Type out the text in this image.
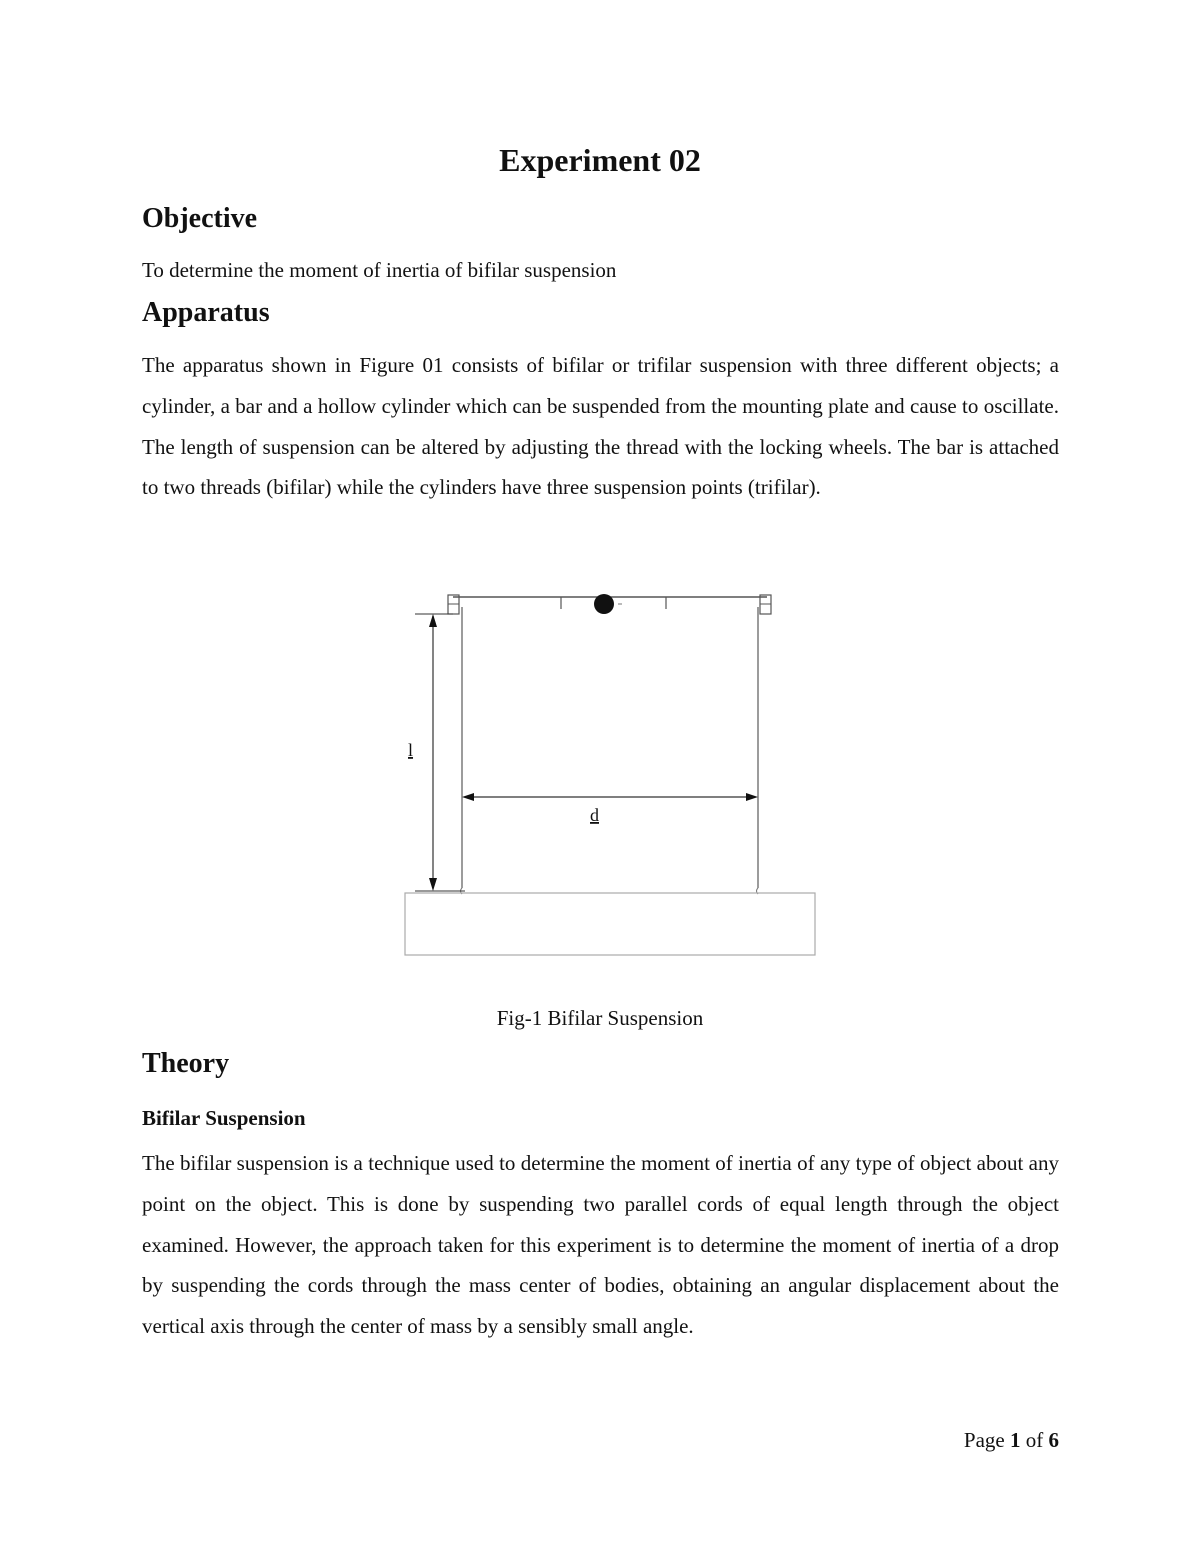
Experiment 02
Objective

To determine the moment of inertia of bifilar suspension

Apparatus

The apparatus shown in Figure 01 consists of bifilar or trifilar suspension with three different objects; a cylinder, a bar and a hollow cylinder which can be suspended from the mounting plate and cause to oscillate. The length of suspension can be altered by adjusting the thread with the locking wheels. The bar is attached to two threads (bifilar) while the cylinders have three suspension points (trifilar).

l
d

Fig-1 Bifilar Suspension

Theory
Bifilar Suspension

The bifilar suspension is a technique used to determine the moment of inertia of any type of object about any point on the object. This is done by suspending two parallel cords of equal length through the object examined. However, the approach taken for this experiment is to determine the moment of inertia of a drop by suspending the cords through the mass center of bodies, obtaining an angular displacement about the vertical axis through the center of mass by a sensibly small angle.

Page 1 of 6
